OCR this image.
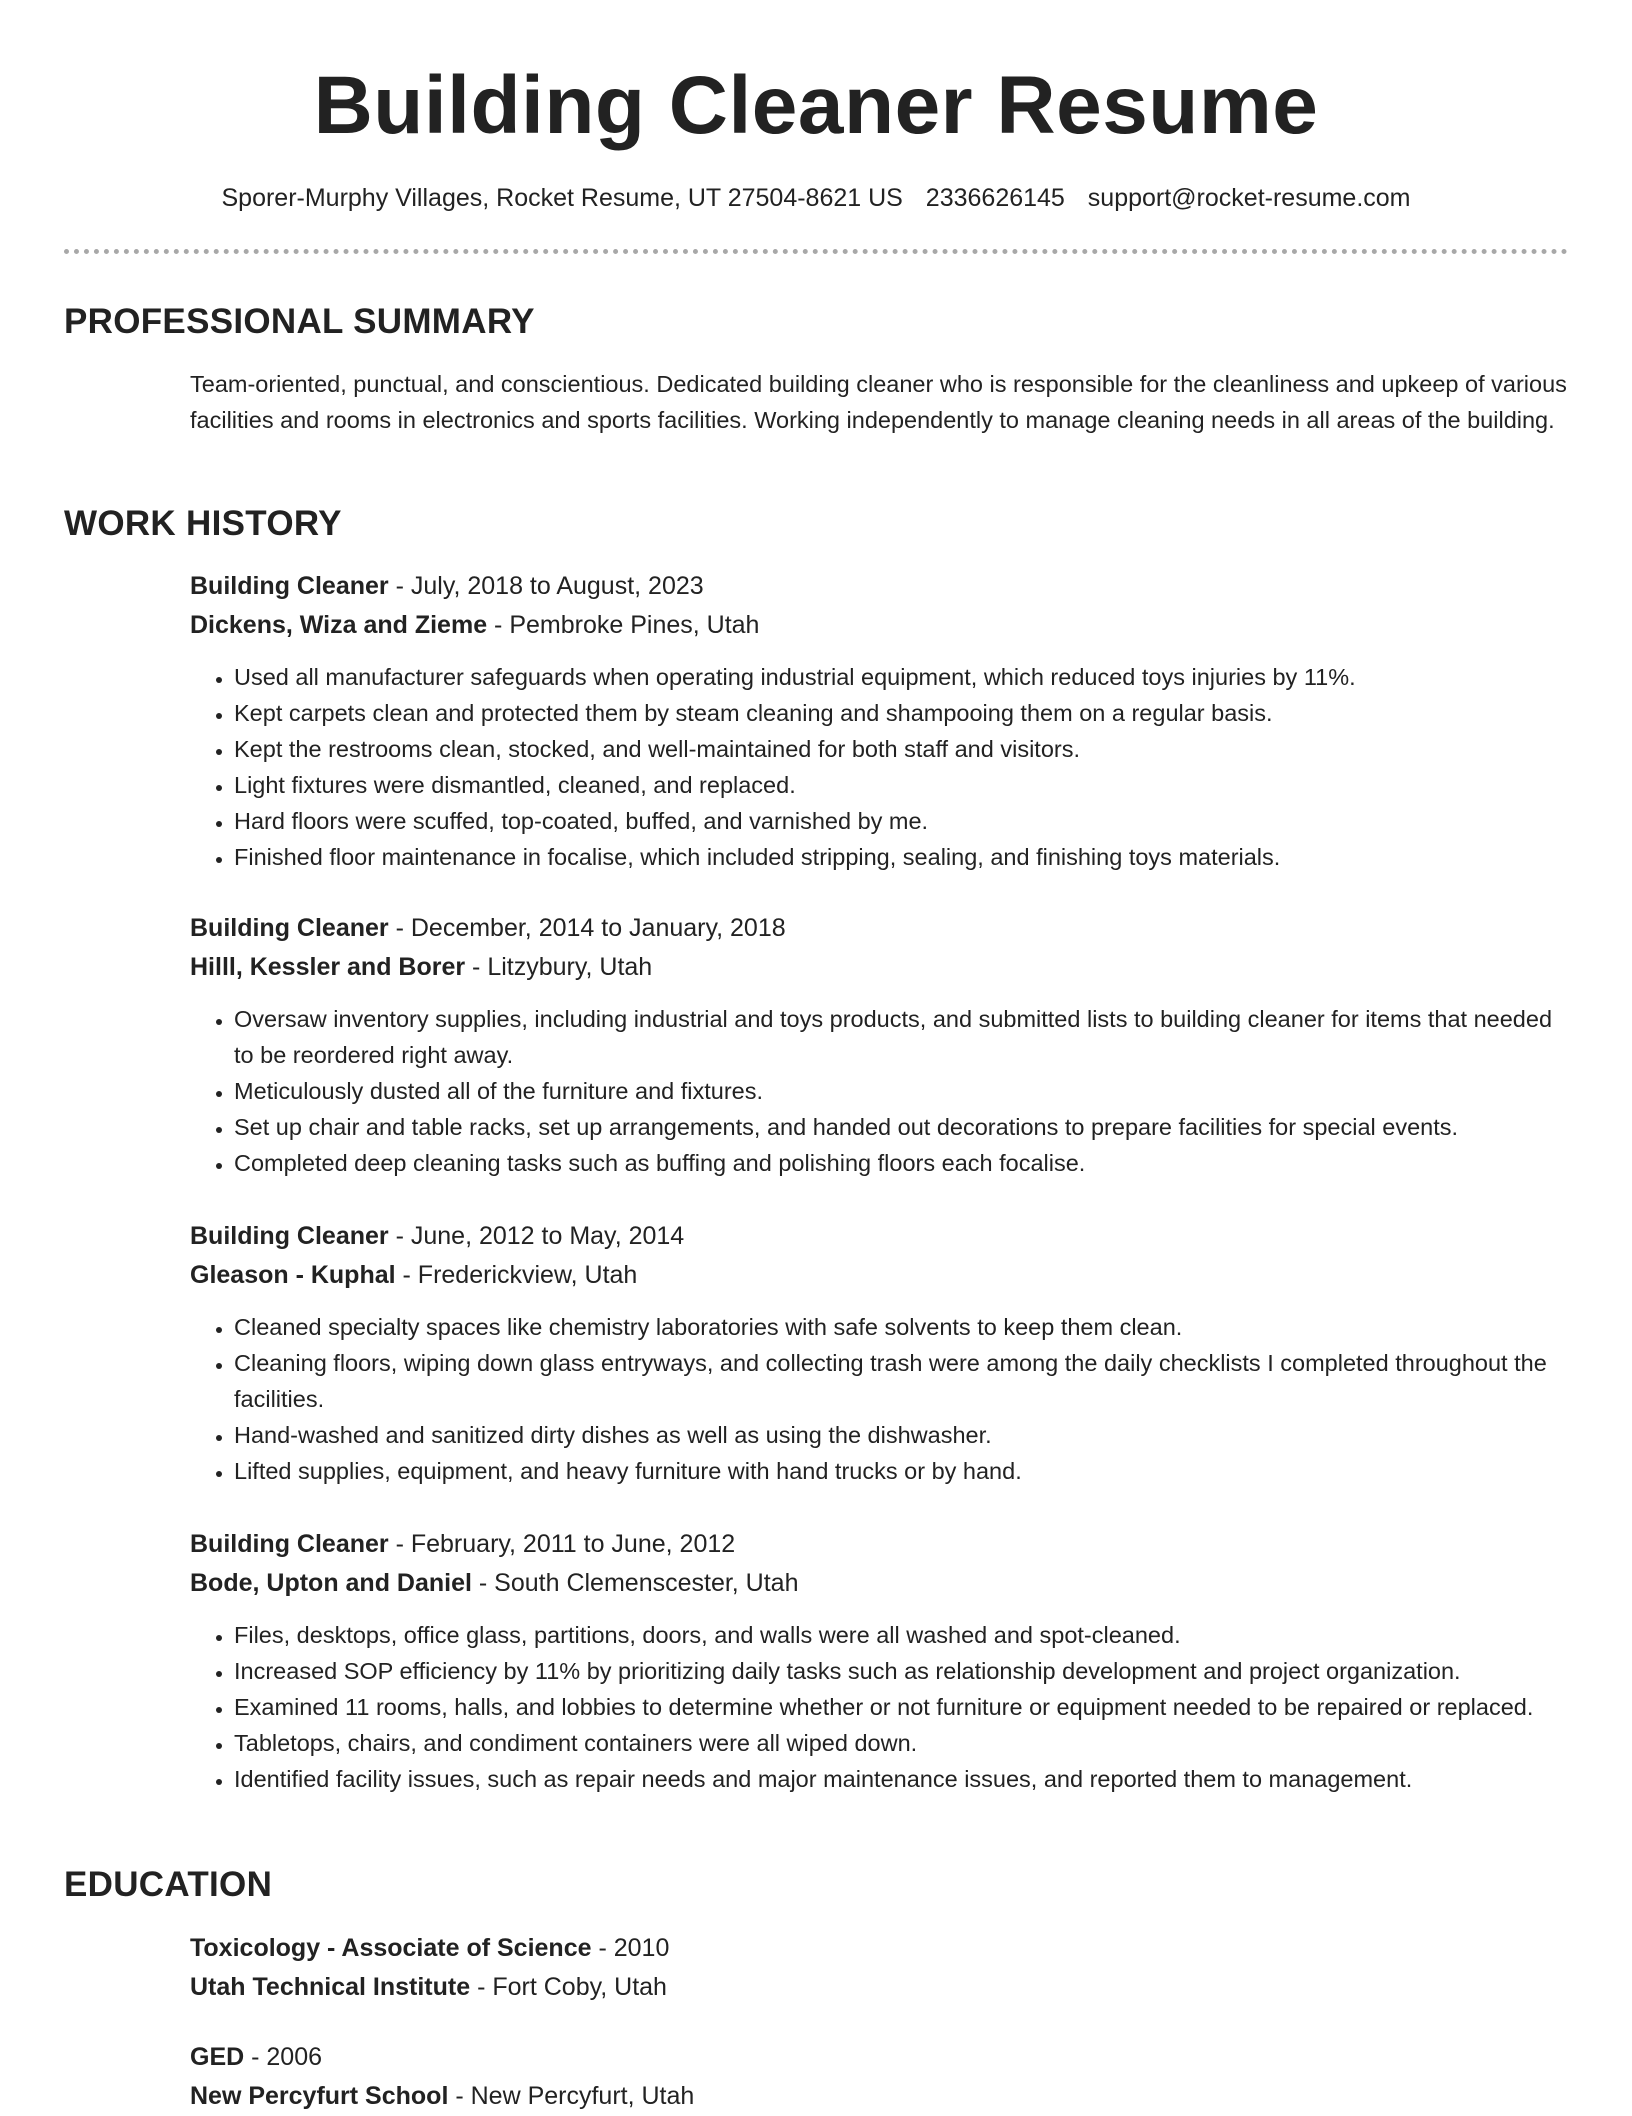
Building Cleaner Resume
Sporer-Murphy Villages, Rocket Resume, UT 27504-8621 US 2336626145 support@rocket-resume.com
PROFESSIONAL SUMMARY

Team-oriented, punctual, and conscientious. Dedicated building cleaner who is responsible for the cleanliness and upkeep of various facilities and rooms in electronics and sports facilities. Working independently to manage cleaning needs in all areas of the building.

WORK HISTORY

Building Cleaner - July, 2018 to August, 2023

Dickens, Wiza and Zieme - Pembroke Pines, Utah

• Used all manufacturer safeguards when operating industrial equipment, which reduced toys injuries by 11%.
• Kept carpets clean and protected them by steam cleaning and shampooing them on a regular basis.
• Kept the restrooms clean, stocked, and well-maintained for both staff and visitors.
• Light fixtures were dismantled, cleaned, and replaced.
• Hard floors were scuffed, top-coated, buffed, and varnished by me.
• Finished floor maintenance in focalise, which included stripping, sealing, and finishing toys materials.

Building Cleaner - December, 2014 to January, 2018

Hilll, Kessler and Borer - Litzybury, Utah

• Oversaw inventory supplies, including industrial and toys products, and submitted lists to building cleaner for items that needed to be reordered right away.
• Meticulously dusted all of the furniture and fixtures.
• Set up chair and table racks, set up arrangements, and handed out decorations to prepare facilities for special events.
• Completed deep cleaning tasks such as buffing and polishing floors each focalise.

Building Cleaner - June, 2012 to May, 2014

Gleason - Kuphal - Frederickview, Utah

• Cleaned specialty spaces like chemistry laboratories with safe solvents to keep them clean.
• Cleaning floors, wiping down glass entryways, and collecting trash were among the daily checklists I completed throughout the facilities.
• Hand-washed and sanitized dirty dishes as well as using the dishwasher.
• Lifted supplies, equipment, and heavy furniture with hand trucks or by hand.

Building Cleaner - February, 2011 to June, 2012

Bode, Upton and Daniel - South Clemenscester, Utah

• Files, desktops, office glass, partitions, doors, and walls were all washed and spot-cleaned.
• Increased SOP efficiency by 11% by prioritizing daily tasks such as relationship development and project organization.
• Examined 11 rooms, halls, and lobbies to determine whether or not furniture or equipment needed to be repaired or replaced.
• Tabletops, chairs, and condiment containers were all wiped down.
• Identified facility issues, such as repair needs and major maintenance issues, and reported them to management.
EDUCATION

Toxicology - Associate of Science - 2010

Utah Technical Institute - Fort Coby, Utah

GED - 2006

New Percyfurt School - New Percyfurt, Utah
